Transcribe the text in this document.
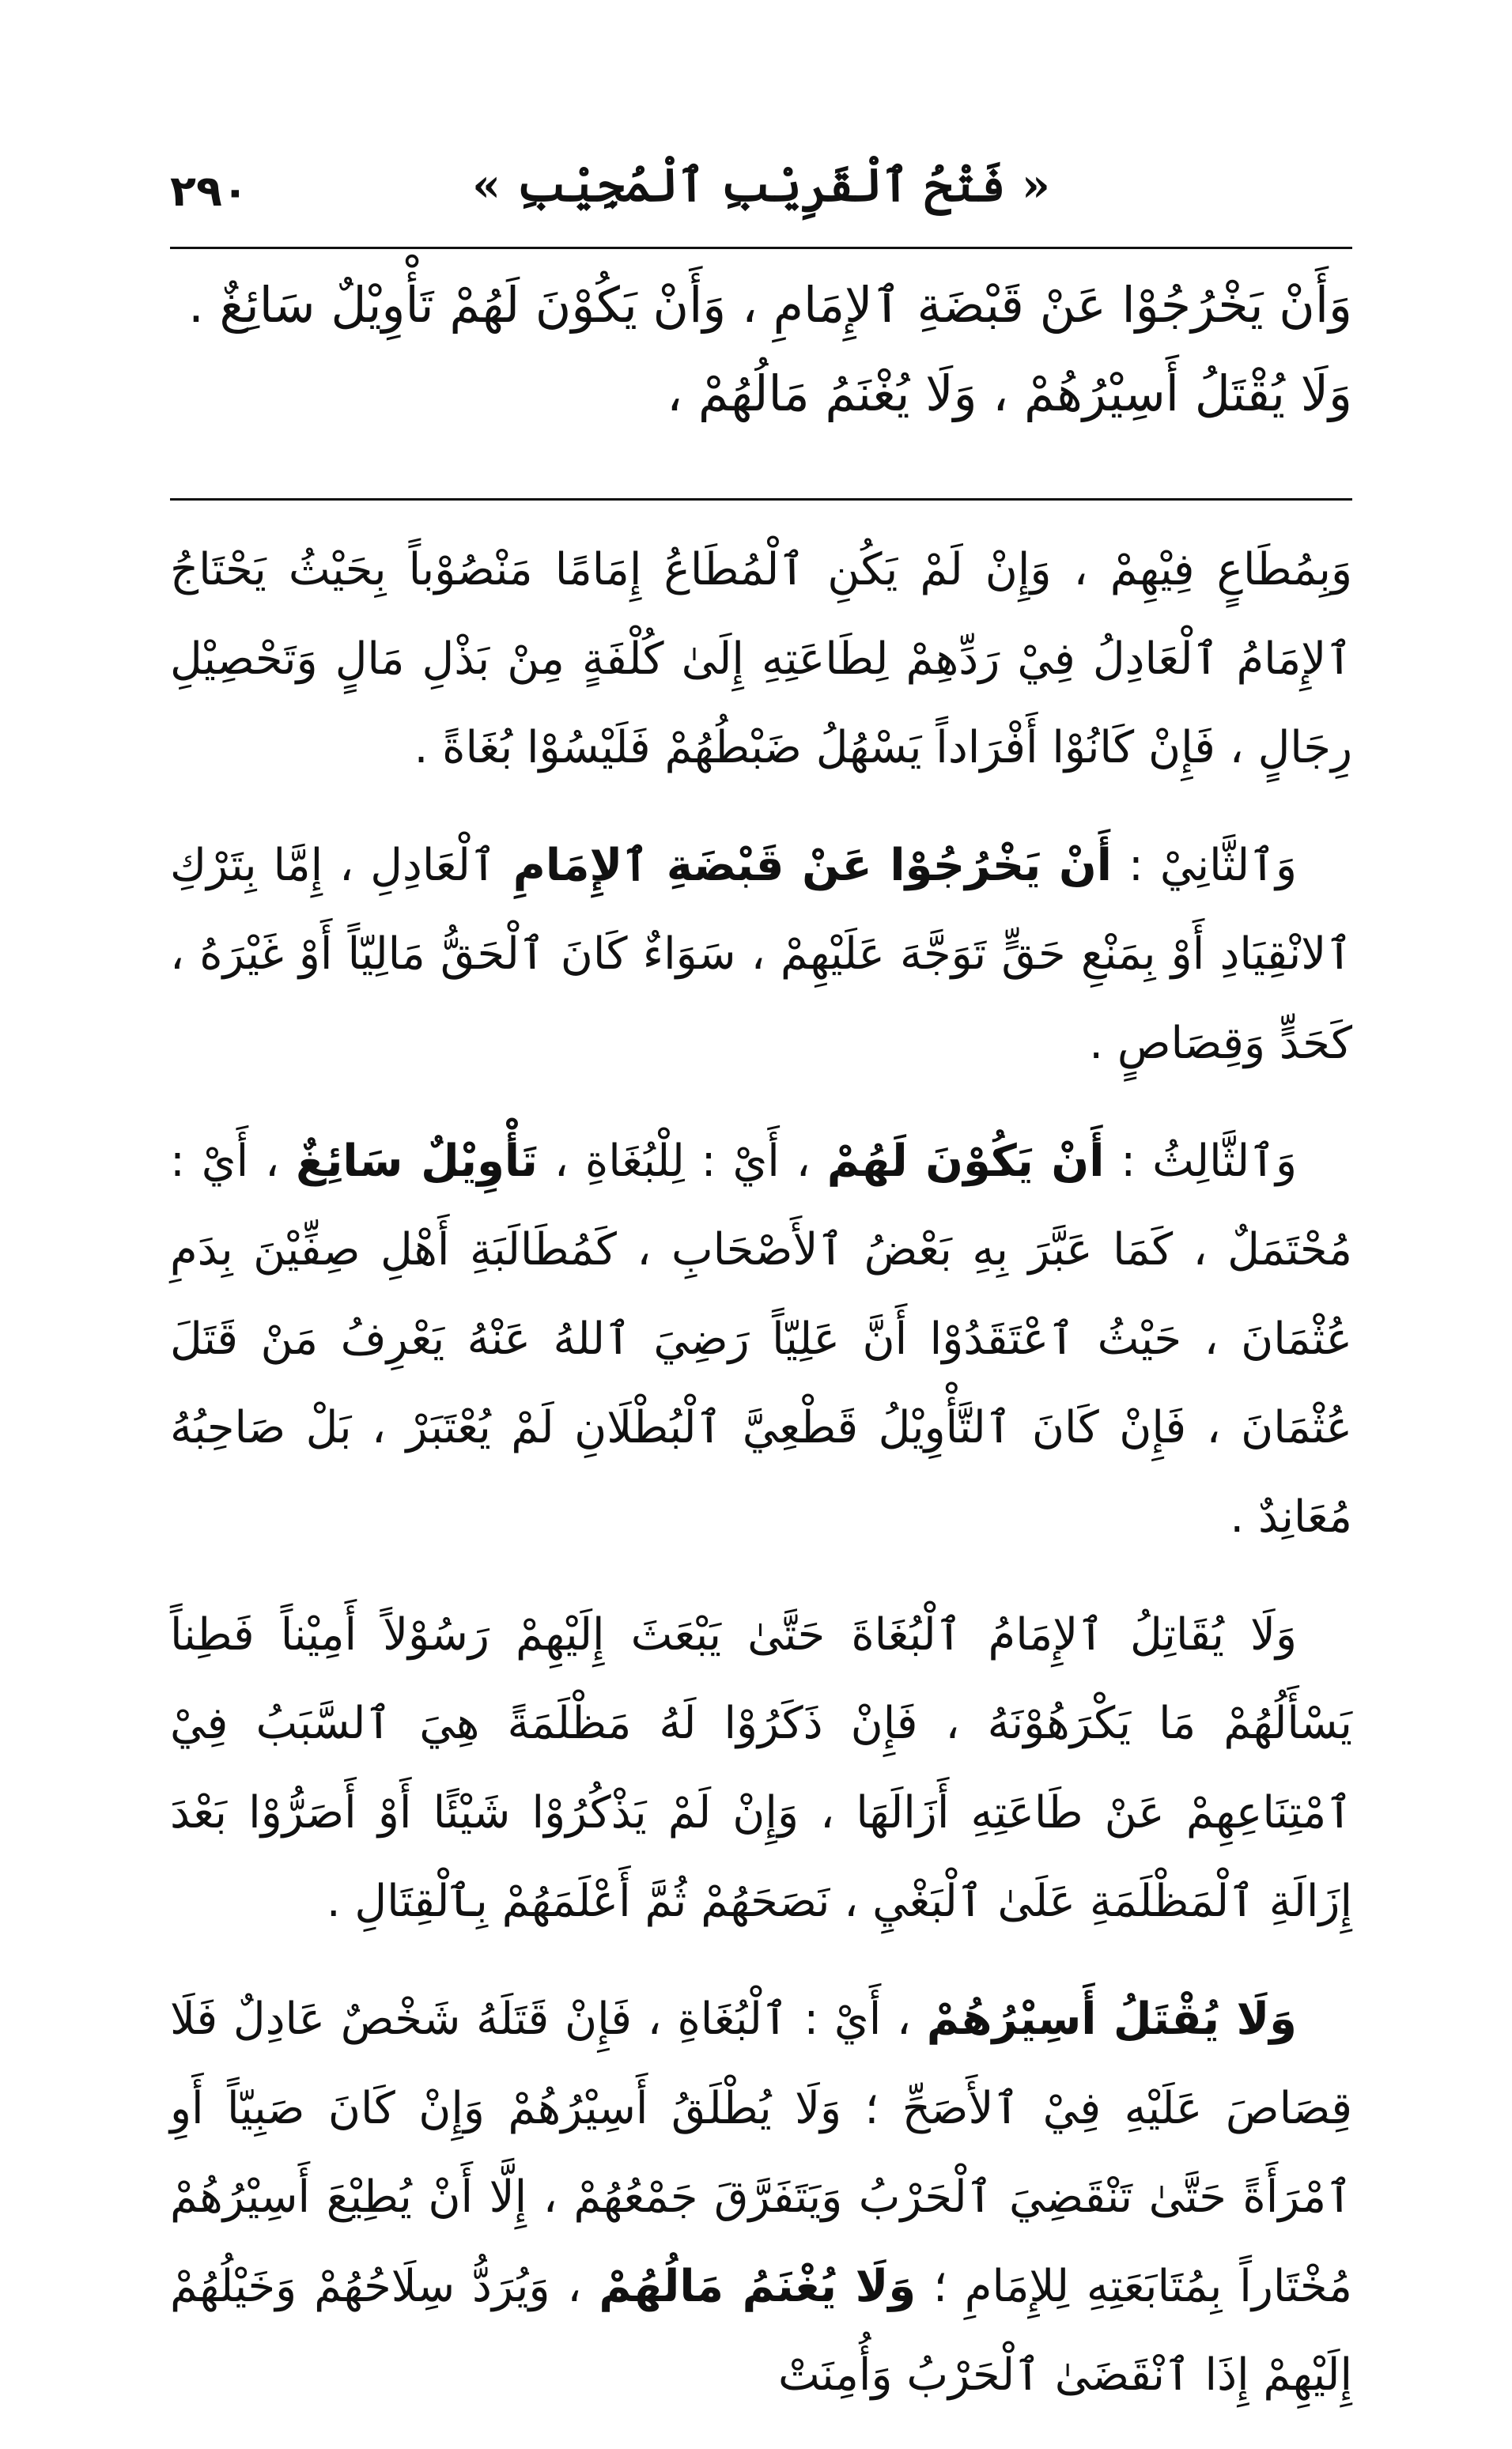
٢٩٠	« فَتْحُ ٱلْقَرِيْبِ ٱلْمُجِيْبِ »

وَأَنْ يَخْرُجُوْا عَنْ قَبْضَةِ ٱلإِمَامِ ، وَأَنْ يَكُوْنَ لَهُمْ تَأْوِيْلٌ سَائِغٌ .

وَلَا يُقْتَلُ أَسِيْرُهُمْ ، وَلَا يُغْنَمُ مَالُهُمْ ،

وَبِمُطَاعٍ فِيْهِمْ ، وَإِنْ لَمْ يَكُنِ ٱلْمُطَاعُ إِمَامًا مَنْصُوْباً بِحَيْثُ يَحْتَاجُ ٱلإِمَامُ ٱلْعَادِلُ فِيْ رَدِّهِمْ لِطَاعَتِهِ إِلَىٰ كُلْفَةٍ مِنْ بَذْلِ مَالٍ وَتَحْصِيْلِ رِجَالٍ ، فَإِنْ كَانُوْا أَفْرَاداً يَسْهُلُ ضَبْطُهُمْ فَلَيْسُوْا بُغَاةً .

وَٱلثَّانِيْ : أَنْ يَخْرُجُوْا عَنْ قَبْضَةِ ٱلإِمَامِ ٱلْعَادِلِ ، إِمَّا بِتَرْكِ ٱلانْقِيَادِ أَوْ بِمَنْعِ حَقٍّ تَوَجَّهَ عَلَيْهِمْ ، سَوَاءٌ كَانَ ٱلْحَقُّ مَالِيّاً أَوْ غَيْرَهُ ، كَحَدٍّ وَقِصَاصٍ .

وَٱلثَّالِثُ : أَنْ يَكُوْنَ لَهُمْ ، أَيْ : لِلْبُغَاةِ ، تَأْوِيْلٌ سَائِغٌ ، أَيْ : مُحْتَمَلٌ ، كَمَا عَبَّرَ بِهِ بَعْضُ ٱلأَصْحَابِ ، كَمُطَالَبَةِ أَهْلِ صِفِّيْنَ بِدَمِ عُثْمَانَ ، حَيْثُ ٱعْتَقَدُوْا أَنَّ عَلِيّاً رَضِيَ ٱللهُ عَنْهُ يَعْرِفُ مَنْ قَتَلَ عُثْمَانَ ، فَإِنْ كَانَ ٱلتَّأْوِيْلُ قَطْعِيَّ ٱلْبُطْلَانِ لَمْ يُعْتَبَرْ ، بَلْ صَاحِبُهُ مُعَانِدٌ .

وَلَا يُقَاتِلُ ٱلإِمَامُ ٱلْبُغَاةَ حَتَّىٰ يَبْعَثَ إِلَيْهِمْ رَسُوْلاً أَمِيْناً فَطِناً يَسْأَلُهُمْ مَا يَكْرَهُوْنَهُ ، فَإِنْ ذَكَرُوْا لَهُ مَظْلَمَةً هِيَ ٱلسَّبَبُ فِيْ ٱمْتِنَاعِهِمْ عَنْ طَاعَتِهِ أَزَالَهَا ، وَإِنْ لَمْ يَذْكُرُوْا شَيْئًا أَوْ أَصَرُّوْا بَعْدَ إِزَالَةِ ٱلْمَظْلَمَةِ عَلَىٰ ٱلْبَغْيِ ، نَصَحَهُمْ ثُمَّ أَعْلَمَهُمْ بِٱلْقِتَالِ .

وَلَا يُقْتَلُ أَسِيْرُهُمْ ، أَيْ : ٱلْبُغَاةِ ، فَإِنْ قَتَلَهُ شَخْصٌ عَادِلٌ فَلَا قِصَاصَ عَلَيْهِ فِيْ ٱلأَصَحِّ ؛ وَلَا يُطْلَقُ أَسِيْرُهُمْ وَإِنْ كَانَ صَبِيّاً أَوِ ٱمْرَأَةً حَتَّىٰ تَنْقَضِيَ ٱلْحَرْبُ وَيَتَفَرَّقَ جَمْعُهُمْ ، إِلَّا أَنْ يُطِيْعَ أَسِيْرُهُمْ مُخْتَاراً بِمُتَابَعَتِهِ لِلإِمَامِ ؛ وَلَا يُغْنَمُ مَالُهُمْ ، وَيُرَدُّ سِلَاحُهُمْ وَخَيْلُهُمْ إِلَيْهِمْ إِذَا ٱنْقَضَىٰ ٱلْحَرْبُ وَأُمِنَتْ
